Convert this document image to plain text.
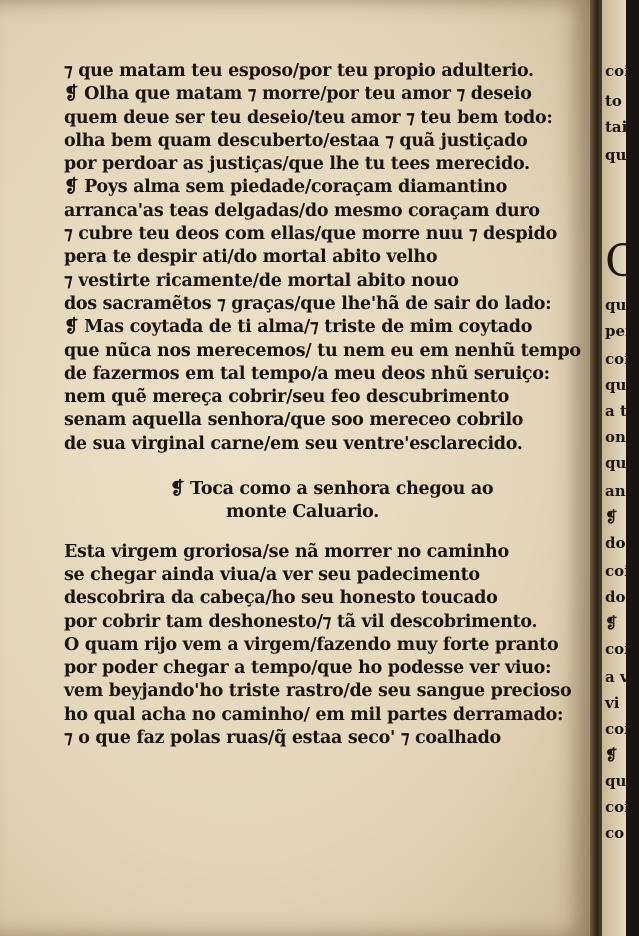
⁊ que matam teu esposo/por teu propio adulterio.
❡ Olha que matam ⁊ morre/por teu amor ⁊ deseio
quem deue ser teu deseio/teu amor ⁊ teu bem todo:
olha bem quam descuberto/estaa ⁊ quã justiçado
por perdoar as justiças/que lhe tu tees merecido.
❡ Poys alma sem piedade/coraçam diamantino
arranca'as teas delgadas/do mesmo coraçam duro
⁊ cubre teu deos com ellas/que morre nuu ⁊ despido
pera te despir ati/do mortal abito velho
⁊ vestirte ricamente/de mortal abito nouo
dos sacramẽtos ⁊ graças/que lhe'hã de sair do lado:
❡ Mas coytada de ti alma/⁊ triste de mim coytado
que nũca nos merecemos/ tu nem eu em nenhũ tempo
de fazermos em tal tempo/a meu deos nhũ seruiço:
nem quẽ mereça cobrir/seu feo descubrimento
senam aquella senhora/que soo mereceo cobrilo
de sua virginal carne/em seu ventre'esclarecido.
❡ Toca como a senhora chegou ao
monte Caluario.
Esta virgem groriosa/se nã morrer no caminho
se chegar ainda viua/a ver seu padecimento
descobrira da cabeça/ho seu honesto toucado
por cobrir tam deshonesto/⁊ tã vil descobrimento.
O quam rijo vem a virgem/fazendo muy forte pranto
por poder chegar a tempo/que ho podesse ver viuo:
vem beyjando'ho triste rastro/de seu sangue precioso
ho qual acha no caminho/ em mil partes derramado:
⁊ o que faz polas ruas/q̃ estaa seco' ⁊ coalhado
coi
to
tai
que
C
qu
pei
coi
qu
a t
on
qu
an
❡
do
coi
do
❡
coi
a v
vi
coi
❡
qu
coi
co
